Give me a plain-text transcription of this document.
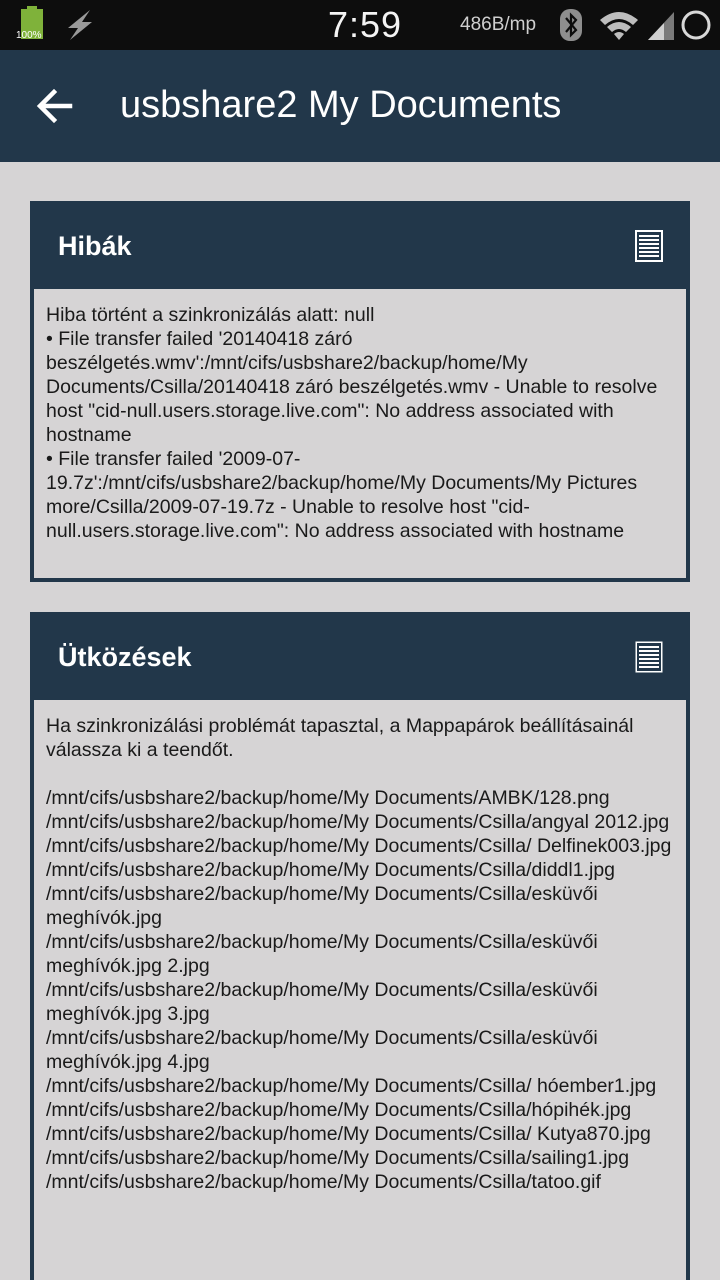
100%	7:59	486B/mp
usbshare2 My Documents
Hibák
Hiba történt a szinkronizálás alatt: null
• File transfer failed '20140418 záró beszélgetés.wmv':/mnt/cifs/usbshare2/backup/home/My Documents/Csilla/20140418 záró beszélgetés.wmv - Unable to resolve host "cid-null.users.storage.live.com": No address associated with hostname
• File transfer failed '2009-07-19.7z':/mnt/cifs/usbshare2/backup/home/My Documents/My Pictures more/Csilla/2009-07-19.7z - Unable to resolve host "cid-null.users.storage.live.com": No address associated with hostname
Ütközések
Ha szinkronizálási problémát tapasztal, a Mappapárok beállításainál válassza ki a teendőt.
/mnt/cifs/usbshare2/backup/home/My Documents/AMBK/128.png
/mnt/cifs/usbshare2/backup/home/My Documents/Csilla/angyal 2012.jpg
/mnt/cifs/usbshare2/backup/home/My Documents/Csilla/ Delfinek003.jpg
/mnt/cifs/usbshare2/backup/home/My Documents/Csilla/diddl1.jpg
/mnt/cifs/usbshare2/backup/home/My Documents/Csilla/esküvői meghívók.jpg
/mnt/cifs/usbshare2/backup/home/My Documents/Csilla/esküvői meghívók.jpg 2.jpg
/mnt/cifs/usbshare2/backup/home/My Documents/Csilla/esküvői meghívók.jpg 3.jpg
/mnt/cifs/usbshare2/backup/home/My Documents/Csilla/esküvői meghívók.jpg 4.jpg
/mnt/cifs/usbshare2/backup/home/My Documents/Csilla/ hóember1.jpg
/mnt/cifs/usbshare2/backup/home/My Documents/Csilla/hópihék.jpg
/mnt/cifs/usbshare2/backup/home/My Documents/Csilla/ Kutya870.jpg
/mnt/cifs/usbshare2/backup/home/My Documents/Csilla/sailing1.jpg
/mnt/cifs/usbshare2/backup/home/My Documents/Csilla/tatoo.gif
